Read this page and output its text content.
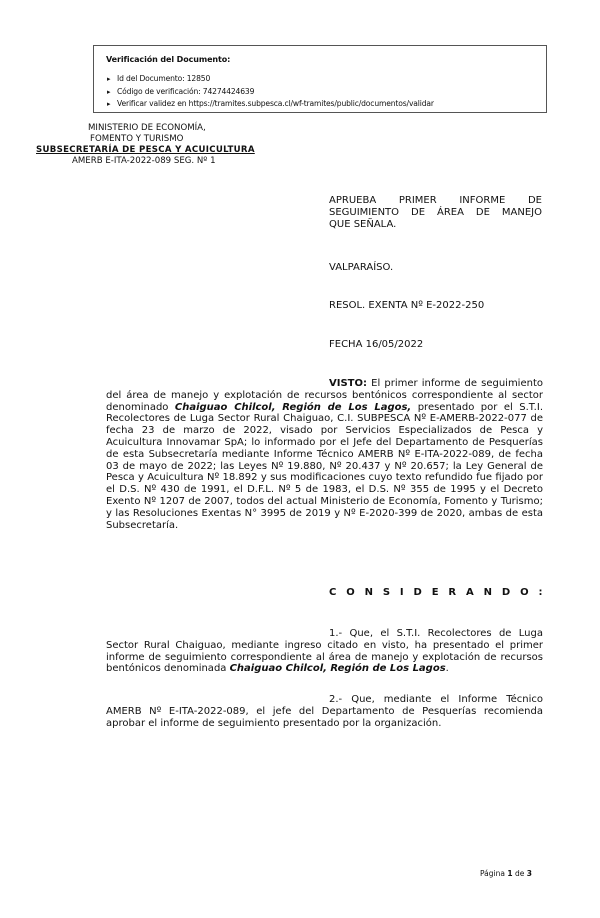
Verificación del Documento:

▸ Id del Documento: 12850
▸ Código de verificación: 74274424639
▸ Verificar validez en https://tramites.subpesca.cl/wf-tramites/public/documentos/validar
MINISTERIO DE ECONOMÍA,
FOMENTO Y TURISMO
SUBSECRETARÍA DE PESCA Y ACUICULTURA
AMERB E-ITA-2022-089 SEG. Nº 1
APRUEBA PRIMER INFORME DE
SEGUIMIENTO DE ÁREA DE MANEJO
QUE SEÑALA.
VALPARAÍSO.
RESOL. EXENTA Nº E-2022-250
FECHA 16/05/2022
VISTO: El primer informe de seguimiento del área de manejo y explotación de recursos bentónicos correspondiente al sector denominado Chaiguao Chilcol, Región de Los Lagos, presentado por el S.T.I. Recolectores de Luga Sector Rural Chaiguao, C.I. SUBPESCA Nº E-AMERB-2022-077 de fecha 23 de marzo de 2022, visado por Servicios Especializados de Pesca y Acuicultura Innovamar SpA; lo informado por el Jefe del Departamento de Pesquerías de esta Subsecretaría mediante Informe Técnico AMERB Nº E-ITA-2022-089, de fecha 03 de mayo de 2022; las Leyes Nº 19.880, Nº 20.437 y Nº 20.657; la Ley General de Pesca y Acuicultura Nº 18.892 y sus modificaciones cuyo texto refundido fue fijado por el D.S. Nº 430 de 1991, el D.F.L. Nº 5 de 1983, el D.S. Nº 355 de 1995 y el Decreto Exento Nº 1207 de 2007, todos del actual Ministerio de Economía, Fomento y Turismo; y las Resoluciones Exentas N° 3995 de 2019 y Nº E-2020-399 de 2020, ambas de esta Subsecretaría.
C O N S I D E R A N D O :
1.- Que, el S.T.I. Recolectores de Luga Sector Rural Chaiguao, mediante ingreso citado en visto, ha presentado el primer informe de seguimiento correspondiente al área de manejo y explotación de recursos bentónicos denominada Chaiguao Chilcol, Región de Los Lagos.
2.- Que, mediante el Informe Técnico AMERB Nº E-ITA-2022-089, el jefe del Departamento de Pesquerías recomienda aprobar el informe de seguimiento presentado por la organización.
Página 1 de 3
